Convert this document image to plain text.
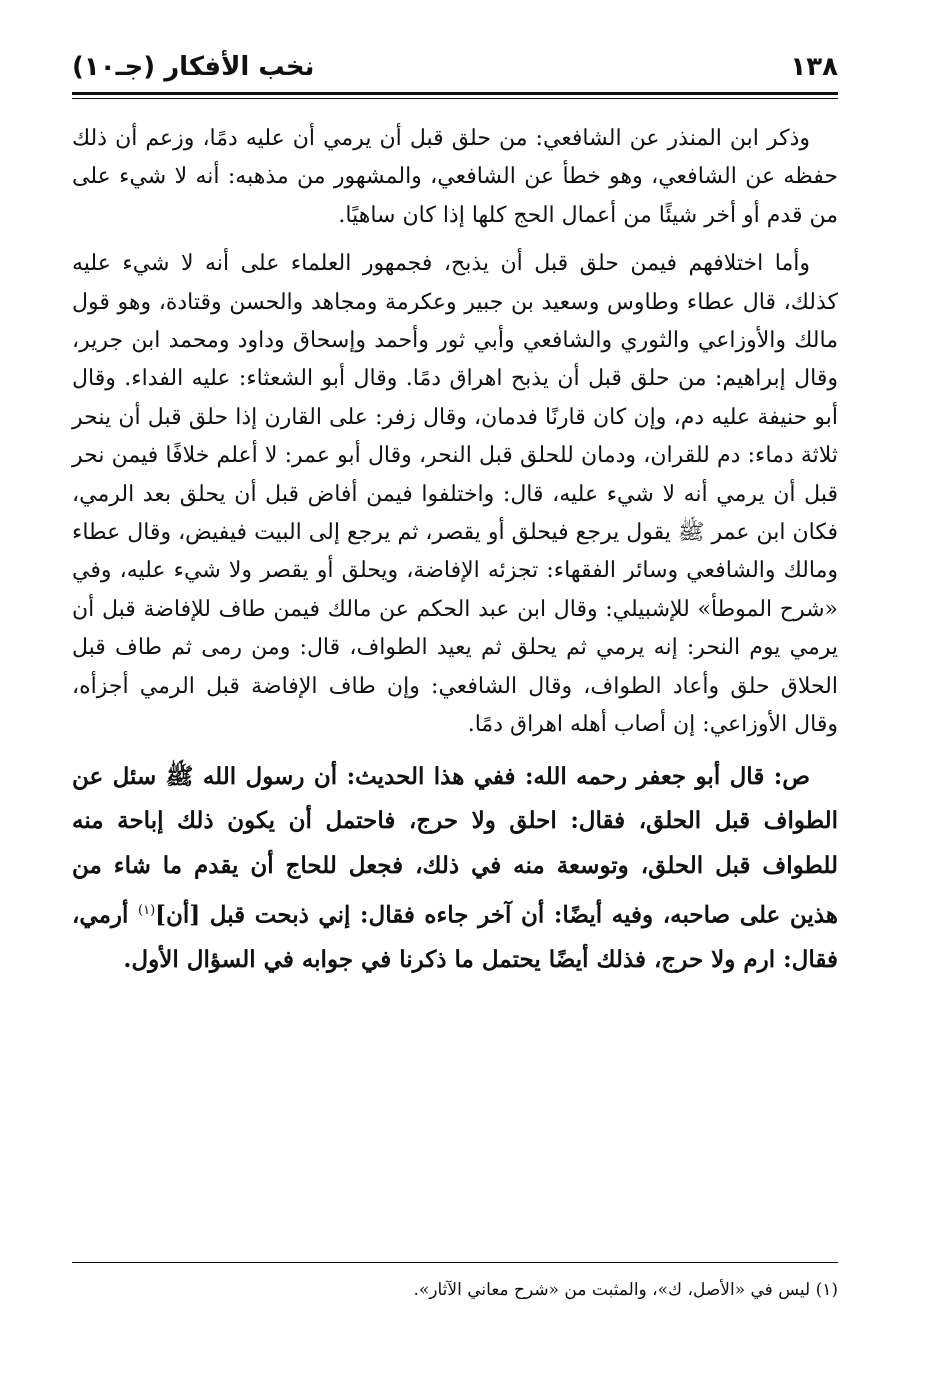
١٣٨
نخب الأفكار (جـ١٠)

وذكر ابن المنذر عن الشافعي: من حلق قبل أن يرمي أن عليه دمًا، وزعم أن ذلك حفظه عن الشافعي، وهو خطأ عن الشافعي، والمشهور من مذهبه: أنه لا شيء على من قدم أو أخر شيئًا من أعمال الحج كلها إذا كان ساهيًا.

وأما اختلافهم فيمن حلق قبل أن يذبح، فجمهور العلماء على أنه لا شيء عليه كذلك، قال عطاء وطاوس وسعيد بن جبير وعكرمة ومجاهد والحسن وقتادة، وهو قول مالك والأوزاعي والثوري والشافعي وأبي ثور وأحمد وإسحاق وداود ومحمد ابن جرير، وقال إبراهيم: من حلق قبل أن يذبح اهراق دمًا. وقال أبو الشعثاء: عليه الفداء. وقال أبو حنيفة عليه دم، وإن كان قارنًا فدمان، وقال زفر: على القارن إذا حلق قبل أن ينحر ثلاثة دماء: دم للقران، ودمان للحلق قبل النحر، وقال أبو عمر: لا أعلم خلافًا فيمن نحر قبل أن يرمي أنه لا شيء عليه، قال: واختلفوا فيمن أفاض قبل أن يحلق بعد الرمي، فكان ابن عمر ﷺ يقول يرجع فيحلق أو يقصر، ثم يرجع إلى البيت فيفيض، وقال عطاء ومالك والشافعي وسائر الفقهاء: تجزئه الإفاضة، ويحلق أو يقصر ولا شيء عليه، وفي «شرح الموطأ» للإشبيلي: وقال ابن عبد الحكم عن مالك فيمن طاف للإفاضة قبل أن يرمي يوم النحر: إنه يرمي ثم يحلق ثم يعيد الطواف، قال: ومن رمى ثم طاف قبل الحلاق حلق وأعاد الطواف، وقال الشافعي: وإن طاف الإفاضة قبل الرمي أجزأه، وقال الأوزاعي: إن أصاب أهله اهراق دمًا.

ص: قال أبو جعفر رحمه الله: ففي هذا الحديث: أن رسول الله ﷺ سئل عن الطواف قبل الحلق، فقال: احلق ولا حرج، فاحتمل أن يكون ذلك إباحة منه للطواف قبل الحلق، وتوسعة منه في ذلك، فجعل للحاج أن يقدم ما شاء من هذين على صاحبه، وفيه أيضًا: أن آخر جاءه فقال: إني ذبحت قبل [أن]$^{(١)}$ أرمي، فقال: ارم ولا حرج، فذلك أيضًا يحتمل ما ذكرنا في جوابه في السؤال الأول.

(١) ليس في «الأصل، ك»، والمثبت من «شرح معاني الآثار».
